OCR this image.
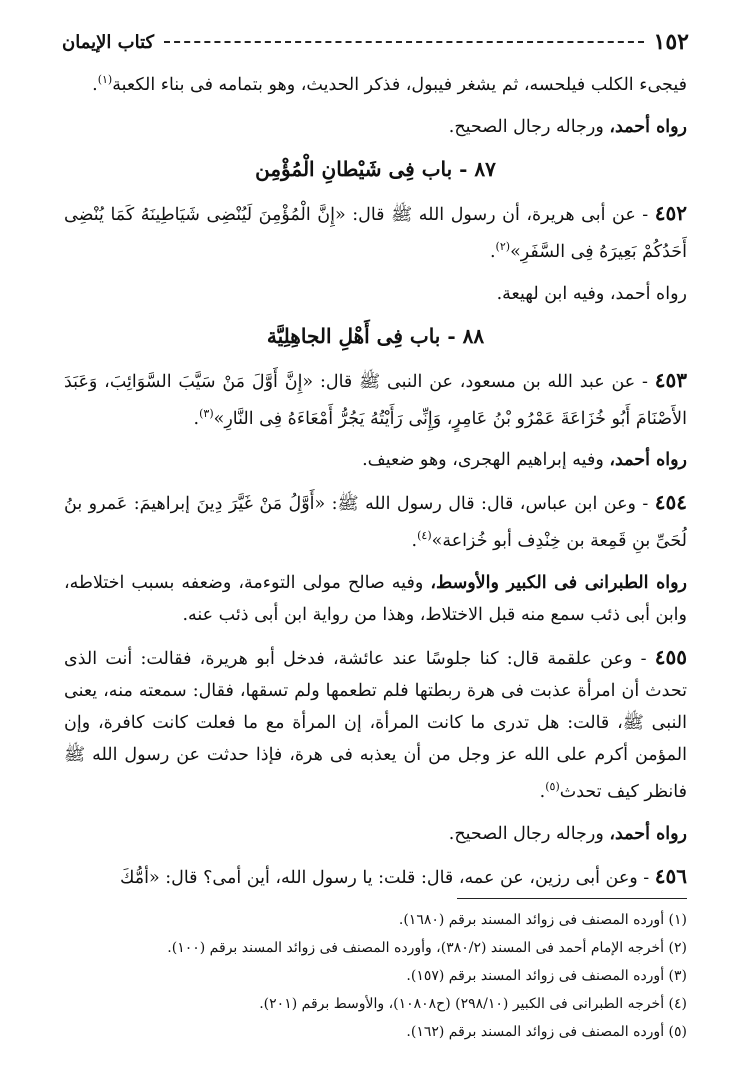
١٥٢
كتاب الإيمان

فيجىء الكلب فيلحسه، ثم يشغر فيبول، فذكر الحديث، وهو بتمامه فى بناء الكعبة$^{(١)}$.

رواه أحمد، ورجاله رجال الصحيح.

٨٧ - باب فِى شَيْطانِ الْمُؤْمِن

٤٥٢ - عن أبى هريرة، أن رسول الله ﷺ قال: «إِنَّ الْمُؤْمِنَ لَيُنْضِى شَيَاطِينَهُ كَمَا يُنْضِى أَحَدُكُمْ بَعِيرَهُ فِى السَّفَرِ»$^{(٢)}$.

رواه أحمد، وفيه ابن لهيعة.

٨٨ - باب فِى أَهْلِ الجاهِلِيَّة

٤٥٣ - عن عبد الله بن مسعود، عن النبى ﷺ قال: «إِنَّ أَوَّلَ مَنْ سَيَّبَ السَّوَائِبَ، وَعَبَدَ الأَصْنَامَ أَبُو خُزَاعَةَ عَمْرُو بْنُ عَامِرٍ، وَإِنِّى رَأَيْتُهُ يَجُرُّ أَمْعَاءَهُ فِى النَّارِ»$^{(٣)}$.

رواه أحمد، وفيه إبراهيم الهجرى، وهو ضعيف.

٤٥٤ - وعن ابن عباس، قال: قال رسول الله ﷺ: «أَوَّلُ مَنْ غَيَّرَ دِينَ إبراهيمَ: عَمرو بنُ لُحَىِّ بنِ قَمِعة بن خِنْدِف أبو خُزاعة»$^{(٤)}$.

رواه الطبرانى فى الكبير والأوسط، وفيه صالح مولى التوءمة، وضعفه بسبب اختلاطه، وابن أبى ذئب سمع منه قبل الاختلاط، وهذا من رواية ابن أبى ذئب عنه.

٤٥٥ - وعن علقمة قال: كنا جلوسًا عند عائشة، فدخل أبو هريرة، فقالت: أنت الذى تحدث أن امرأة عذبت فى هرة ربطتها فلم تطعمها ولم تسقها، فقال: سمعته منه، يعنى النبى ﷺ، قالت: هل تدرى ما كانت المرأة، إن المرأة مع ما فعلت كانت كافرة، وإن المؤمن أكرم على الله عز وجل من أن يعذبه فى هرة، فإذا حدثت عن رسول الله ﷺ فانظر كيف تحدث$^{(٥)}$.

رواه أحمد، ورجاله رجال الصحيح.

٤٥٦ - وعن أبى رزين، عن عمه، قال: قلت: يا رسول الله، أين أمى؟ قال: «أمُّكَ

(١) أورده المصنف فى زوائد المسند برقم (١٦٨٠).
(٢) أخرجه الإمام أحمد فى المسند (٣٨٠/٢)، وأورده المصنف فى زوائد المسند برقم (١٠٠).
(٣) أورده المصنف فى زوائد المسند برقم (١٥٧).
(٤) أخرجه الطبرانى فى الكبير (٢٩٨/١٠) (ح١٠٨٠٨)، والأوسط برقم (٢٠١).
(٥) أورده المصنف فى زوائد المسند برقم (١٦٢).
